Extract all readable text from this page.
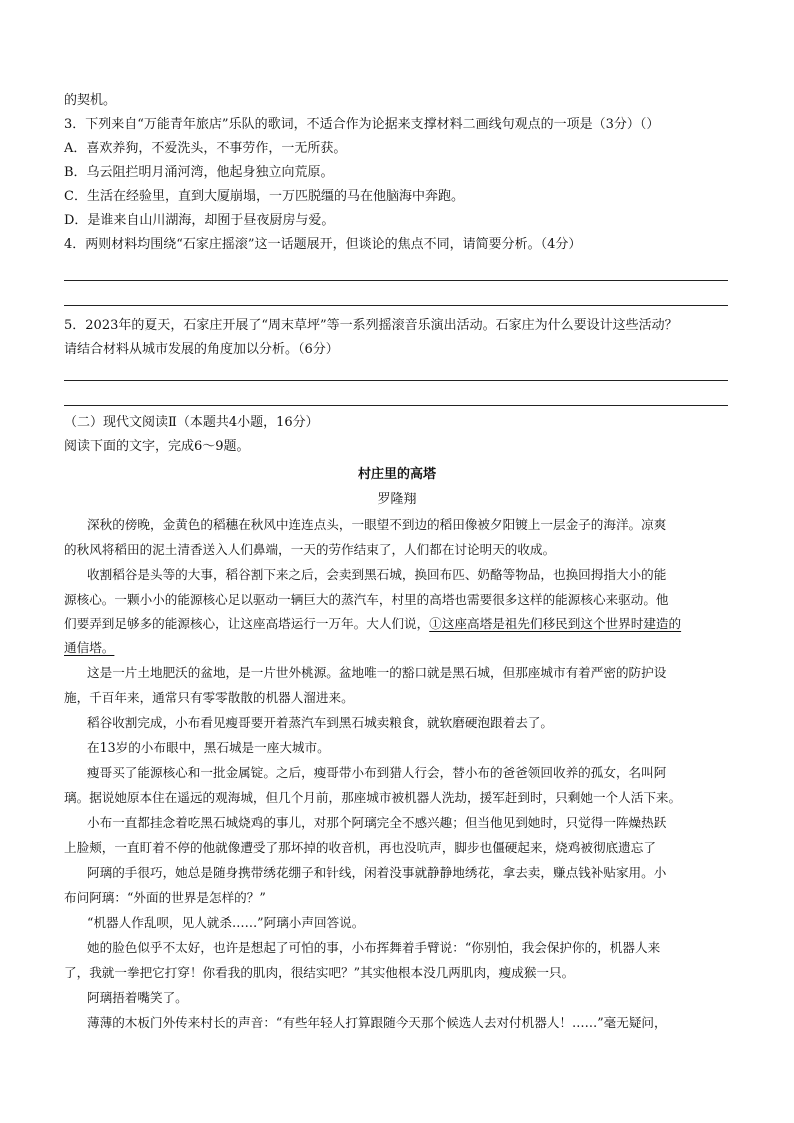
的契机。
3．下列来自“万能青年旅店”乐队的歌词，不适合作为论据来支撑材料二画线句观点的一项是（3分）（）
A．喜欢养狗，不爱洗头，不事劳作，一无所获。
B．乌云阻拦明月涌河湾，他起身独立向荒原。
C．生活在经验里，直到大厦崩塌，一万匹脱缰的马在他脑海中奔跑。
D．是谁来自山川湖海，却囿于昼夜厨房与爱。
4．两则材料均围绕“石家庄摇滚”这一话题展开，但谈论的焦点不同，请简要分析。（4分）
5．2023年的夏天，石家庄开展了“周末草坪”等一系列摇滚音乐演出活动。石家庄为什么要设计这些活动？
请结合材料从城市发展的角度加以分析。（6分）
（二）现代文阅读Ⅱ（本题共4小题，16分）
阅读下面的文字，完成6～9题。
村庄里的高塔
罗隆翔
深秋的傍晚，金黄色的稻穗在秋风中连连点头，一眼望不到边的稻田像被夕阳镀上一层金子的海洋。凉爽
的秋风将稻田的泥土清香送入人们鼻端，一天的劳作结束了，人们都在讨论明天的收成。
收割稻谷是头等的大事，稻谷割下来之后，会卖到黑石城，换回布匹、奶酪等物品，也换回拇指大小的能
源核心。一颗小小的能源核心足以驱动一辆巨大的蒸汽车，村里的高塔也需要很多这样的能源核心来驱动。他
们要弄到足够多的能源核心，让这座高塔运行一万年。大人们说，①这座高塔是祖先们移民到这个世界时建造的
通信塔。
这是一片土地肥沃的盆地，是一片世外桃源。盆地唯一的豁口就是黑石城，但那座城市有着严密的防护设
施，千百年来，通常只有零零散散的机器人溜进来。
稻谷收割完成，小布看见瘦哥要开着蒸汽车到黑石城卖粮食，就软磨硬泡跟着去了。
在13岁的小布眼中，黑石城是一座大城市。
瘦哥买了能源核心和一批金属锭。之后，瘦哥带小布到猎人行会，替小布的爸爸领回收养的孤女，名叫阿
璃。据说她原本住在遥远的观海城，但几个月前，那座城市被机器人洗劫，援军赶到时，只剩她一个人活下来。
小布一直都挂念着吃黑石城烧鸡的事儿，对那个阿璃完全不感兴趣；但当他见到她时，只觉得一阵燥热跃
上脸颊，一直盯着不停的他就像遭受了那坏掉的收音机，再也没吭声，脚步也僵硬起来，烧鸡被彻底遗忘了
阿璃的手很巧，她总是随身携带绣花绷子和针线，闲着没事就静静地绣花，拿去卖，赚点钱补贴家用。小
布问阿璃：“外面的世界是怎样的？”
“机器人作乱呗，见人就杀……”阿璃小声回答说。
她的脸色似乎不太好，也许是想起了可怕的事，小布挥舞着手臂说：“你别怕，我会保护你的，机器人来
了，我就一拳把它打穿！你看我的肌肉，很结实吧？”其实他根本没几两肌肉，瘦成猴一只。
阿璃捂着嘴笑了。
薄薄的木板门外传来村长的声音：“有些年轻人打算跟随今天那个候选人去对付机器人！……”毫无疑问，
